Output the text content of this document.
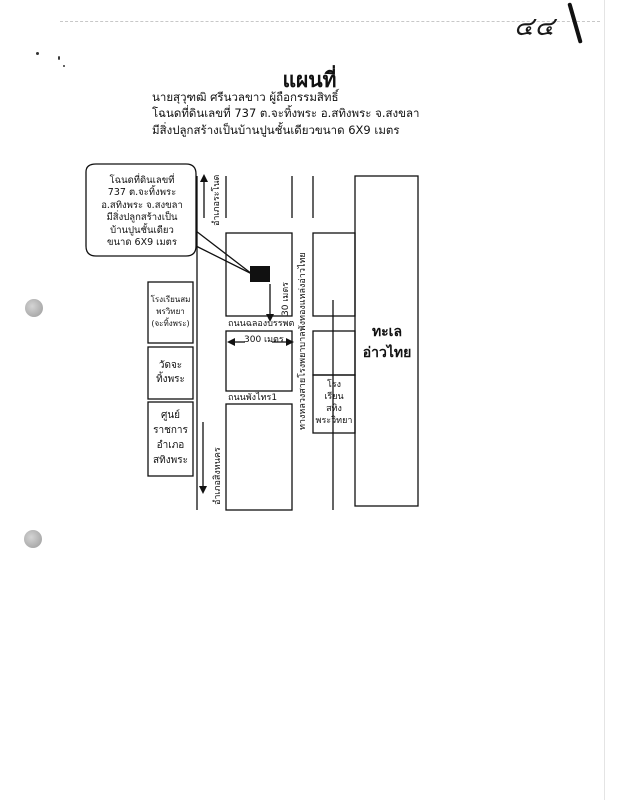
๔๔
แผนที่
นายสุวุฑฒิ ศรีนวลขาว ผู้ถือกรรมสิทธิ์
โฉนดที่ดินเลขที่ 737 ต.จะทิ้งพระ อ.สทิงพระ จ.สงขลา
มีสิ่งปลูกสร้างเป็นบ้านปูนชั้นเดียวขนาด 6X9 เมตร
โฉนดที่ดินเลขที่
737 ต.จะทิ้งพระ
อ.สทิงพระ จ.สงขลา
มีสิ่งปลูกสร้างเป็น
บ้านปูนชั้นเดียว
ขนาด 6X9 เมตร
อำเภอระโนด
อำเภอสิงหนคร
ทางหลวงสายโรงพยาบาลพังทองแหล่งอ่าวไทย
30 เมตร
ถนนฉลองบรรพต
300 เมตร
ถนนพังไทร1
โรงเรียนสม
พรวิทยา
(จะทิ้งพระ)
วัดจะ
ทิ้งพระ
ศูนย์
ราชการ
อำเภอ
สทิงพระ
โรง
เรียน
สทิง
พระวิทยา
ทะเล
อ่าวไทย
